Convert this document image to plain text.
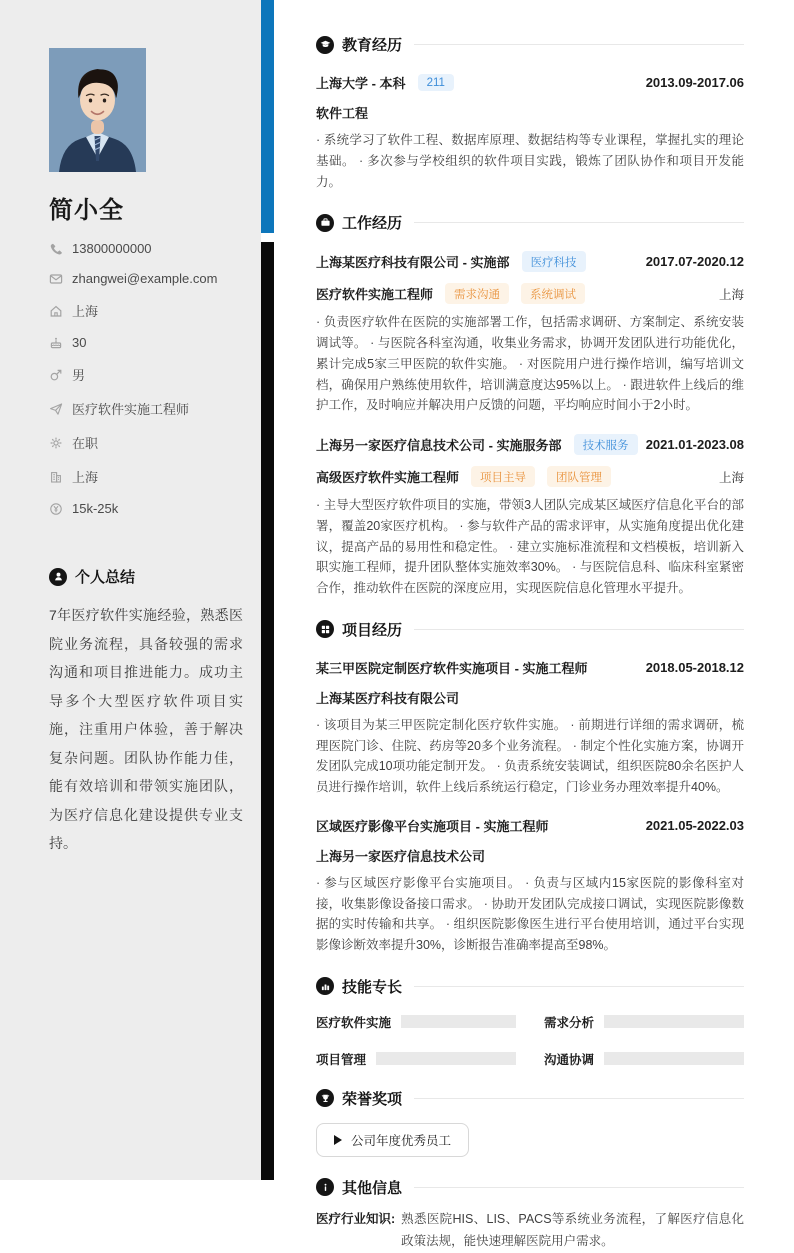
简小全
13800000000
zhangwei@example.com
上海
30
男
医疗软件实施工程师
在职
上海
15k-25k
个人总结
7年医疗软件实施经验，熟悉医院业务流程，具备较强的需求沟通和项目推进能力。成功主导多个大型医疗软件项目实施，注重用户体验，善于解决复杂问题。团队协作能力佳，能有效培训和带领实施团队，为医疗信息化建设提供专业支持。
教育经历
上海大学 - 本科	211	2013.09-2017.06
软件工程
· 系统学习了软件工程、数据库原理、数据结构等专业课程，掌握扎实的理论基础。 · 多次参与学校组织的软件项目实践，锻炼了团队协作和项目开发能力。
工作经历
上海某医疗科技有限公司 - 实施部	医疗科技	2017.07-2020.12
医疗软件实施工程师	需求沟通	系统调试	上海
· 负责医疗软件在医院的实施部署工作，包括需求调研、方案制定、系统安装调试等。 · 与医院各科室沟通，收集业务需求，协调开发团队进行功能优化，累计完成5家三甲医院的软件实施。 · 对医院用户进行操作培训，编写培训文档，确保用户熟练使用软件，培训满意度达95%以上。 · 跟进软件上线后的维护工作，及时响应并解决用户反馈的问题，平均响应时间小于2小时。
上海另一家医疗信息技术公司 - 实施服务部	技术服务	2021.01-2023.08
高级医疗软件实施工程师	项目主导	团队管理	上海
· 主导大型医疗软件项目的实施，带领3人团队完成某区域医疗信息化平台的部署，覆盖20家医疗机构。 · 参与软件产品的需求评审，从实施角度提出优化建议，提高产品的易用性和稳定性。 · 建立实施标准流程和文档模板，培训新入职实施工程师，提升团队整体实施效率30%。 · 与医院信息科、临床科室紧密合作，推动软件在医院的深度应用，实现医院信息化管理水平提升。
项目经历
某三甲医院定制医疗软件实施项目 - 实施工程师	2018.05-2018.12
上海某医疗科技有限公司
· 该项目为某三甲医院定制化医疗软件实施。 · 前期进行详细的需求调研，梳理医院门诊、住院、药房等20多个业务流程。 · 制定个性化实施方案，协调开发团队完成10项功能定制开发。 · 负责系统安装调试，组织医院80余名医护人员进行操作培训，软件上线后系统运行稳定，门诊业务办理效率提升40%。
区域医疗影像平台实施项目 - 实施工程师	2021.05-2022.03
上海另一家医疗信息技术公司
· 参与区域医疗影像平台实施项目。 · 负责与区域内15家医院的影像科室对接，收集影像设备接口需求。 · 协助开发团队完成接口调试，实现医院影像数据的实时传输和共享。 · 组织医院影像医生进行平台使用培训，通过平台实现影像诊断效率提升30%，诊断报告准确率提高至98%。
技能专长
医疗软件实施	需求分析
项目管理	沟通协调
荣誉奖项
公司年度优秀员工
其他信息
医疗行业知识: 熟悉医院HIS、LIS、PACS等系统业务流程，了解医疗信息化政策法规，能快速理解医院用户需求。
